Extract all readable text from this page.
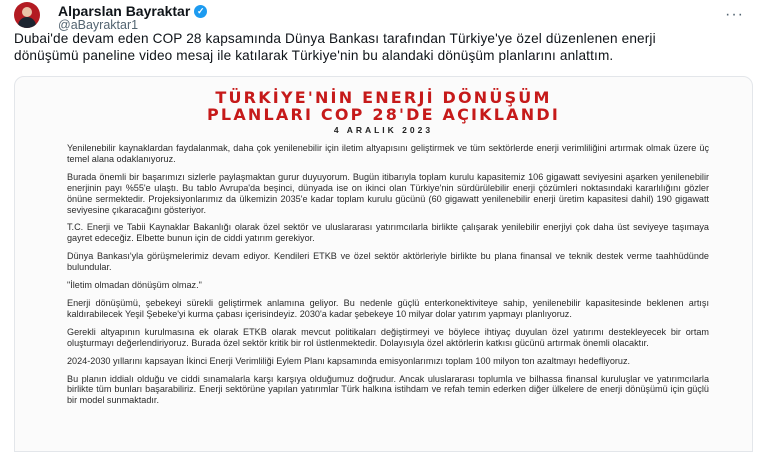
Alparslan Bayraktar ✓
@aBayraktar1
···

Dubai'de devam eden COP 28 kapsamında Dünya Bankası tarafından Türkiye'ye özel düzenlenen enerji dönüşümü paneline video mesaj ile katılarak Türkiye'nin bu alandaki dönüşüm planlarını anlattım.

TÜRKİYE'NİN ENERJİ DÖNÜŞÜM
PLANLARI COP 28'DE AÇIKLANDI
4 ARALIK 2023

Yenilenebilir kaynaklardan faydalanmak, daha çok yenilenebilir için iletim altyapısını geliştirmek ve tüm sektörlerde enerji verimliliğini artırmak olmak üzere üç temel alana odaklanıyoruz.

Burada önemli bir başarımızı sizlerle paylaşmaktan gurur duyuyorum. Bugün itibarıyla toplam kurulu kapasitemiz 106 gigawatt seviyesini aşarken yenilenebilir enerjinin payı %55'e ulaştı. Bu tablo Avrupa'da beşinci, dünyada ise on ikinci olan Türkiye'nin sürdürülebilir enerji çözümleri noktasındaki kararlılığını gözler önüne sermektedir. Projeksiyonlarımız da ülkemizin 2035'e kadar toplam kurulu gücünü (60 gigawatt yenilenebilir enerji üretim kapasitesi dahil) 190 gigawatt seviyesine çıkaracağını gösteriyor.

T.C. Enerji ve Tabii Kaynaklar Bakanlığı olarak özel sektör ve uluslararası yatırımcılarla birlikte çalışarak yenilebilir enerjiyi çok daha üst seviyeye taşımaya gayret edeceğiz. Elbette bunun için de ciddi yatırım gerekiyor.

Dünya Bankası'yla görüşmelerimiz devam ediyor. Kendileri ETKB ve özel sektör aktörleriyle birlikte bu plana finansal ve teknik destek verme taahhüdünde bulundular.

"İletim olmadan dönüşüm olmaz."

Enerji dönüşümü, şebekeyi sürekli geliştirmek anlamına geliyor. Bu nedenle güçlü enterkonektiviteye sahip, yenilenebilir kapasitesinde beklenen artışı kaldırabilecek Yeşil Şebeke'yi kurma çabası içerisindeyiz. 2030'a kadar şebekeye 10 milyar dolar yatırım yapmayı planlıyoruz.

Gerekli altyapının kurulmasına ek olarak ETKB olarak mevcut politikaları değiştirmeyi ve böylece ihtiyaç duyulan özel yatırımı destekleyecek bir ortam oluşturmayı değerlendiriyoruz. Burada özel sektör kritik bir rol üstlenmektedir. Dolayısıyla özel aktörlerin katkısı gücünü artırmak önemli olacaktır.

2024-2030 yıllarını kapsayan İkinci Enerji Verimliliği Eylem Planı kapsamında emisyonlarımızı toplam 100 milyon ton azaltmayı hedefliyoruz.

Bu planın iddialı olduğu ve ciddi sınamalarla karşı karşıya olduğumuz doğrudur. Ancak uluslararası toplumla ve bilhassa finansal kuruluşlar ve yatırımcılarla birlikte tüm bunları başarabiliriz. Enerji sektörüne yapılan yatırımlar Türk halkına istihdam ve refah temin ederken diğer ülkelere de enerji dönüşümü için güçlü bir model sunmaktadır.
